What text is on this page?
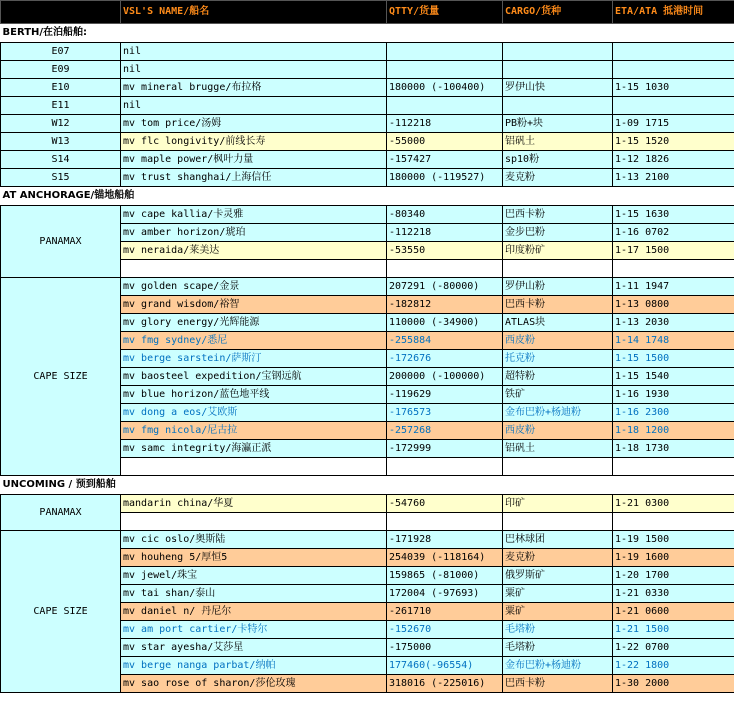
	VSL'S NAME/船名	QTTY/货量	CARGO/货种	ETA/ATA 抵港时间
BERTH/在泊船舶:				
E07	nil			
E09	nil			
E10	mv mineral brugge/布拉格	180000 (-100400)	罗伊山快	1-15 1030
E11	nil			
W12	mv tom price/汤姆	-112218	PB粉+块	1-09 1715
W13	mv flc longivity/前线长寿	-55000	铝矾土	1-15 1520
S14	mv maple power/枫叶力量	-157427	sp10粉	1-12 1826
S15	mv trust shanghai/上海信任	180000 (-119527)	麦克粉	1-13 2100
AT ANCHORAGE/锚地船舶				
PANAMAX	mv cape kallia/卡灵雅	-80340	巴西卡粉	1-15 1630
	mv amber horizon/琥珀	-112218	金步巴粉	1-16 0702
	mv neraida/莱美达	-53550	印度粉矿	1-17 1500

CAPE SIZE	mv golden scape/金景	207291 (-80000)	罗伊山粉	1-11 1947
	mv grand wisdom/裕智	-182812	巴西卡粉	1-13 0800
	mv glory energy/光辉能源	110000 (-34900)	ATLAS块	1-13 2030
	mv fmg sydney/悉尼	-255884	西皮粉	1-14 1748
	mv berge sarstein/萨斯汀	-172676	托克粉	1-15 1500
	mv baosteel expedition/宝钢远航	200000 (-100000)	超特粉	1-15 1540
	mv blue horizon/蓝色地平线	-119629	铁矿	1-16 1930
	mv dong a eos/艾欧斯	-176573	金布巴粉+杨迪粉	1-16 2300
	mv fmg nicola/尼古拉	-257268	西皮粉	1-18 1200
	mv samc integrity/海瀛正派	-172999	铝矾土	1-18 1730

UNCOMING / 预到船舶				
PANAMAX	mandarin china/华夏	-54760	印矿	1-21 0300

CAPE SIZE	mv cic oslo/奥斯陆	-171928	巴林球团	1-19 1500
	mv houheng 5/厚恒5	254039 (-118164)	麦克粉	1-19 1600
	mv jewel/珠宝	159865 (-81000)	俄罗斯矿	1-20 1700
	mv tai shan/泰山	172004 (-97693)	粟矿	1-21 0330
	mv daniel n/ 丹尼尔	-261710	粟矿	1-21 0600
	mv am port cartier/卡特尔	-152670	毛塔粉	1-21 1500
	mv star ayesha/艾莎星	-175000	毛塔粉	1-22 0700
	mv berge nanga parbat/纳帕	177460(-96554)	金布巴粉+杨迪粉	1-22 1800
	mv sao rose of sharon/莎伦玫瑰	318016 (-225016)	巴西卡粉	1-30 2000
